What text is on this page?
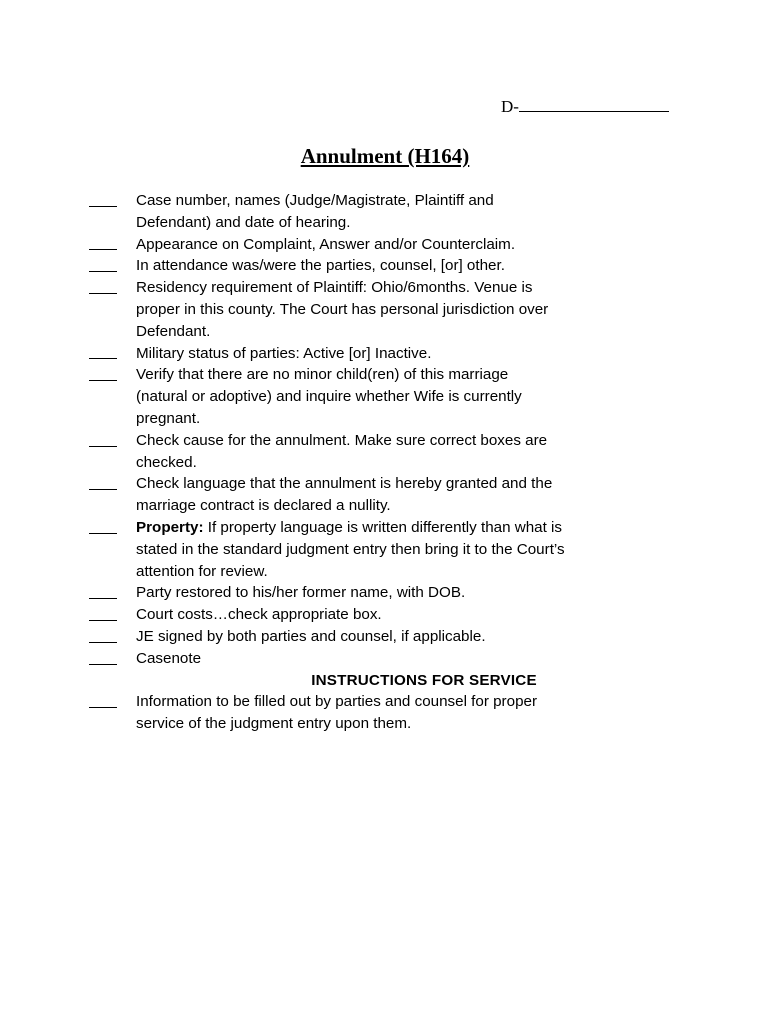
D-
Annulment (H164)
Case number, names (Judge/Magistrate, Plaintiff and
Defendant) and date of hearing.
Appearance on Complaint, Answer and/or Counterclaim.
In attendance was/were the parties, counsel, [or] other.
Residency requirement of Plaintiff: Ohio/6months. Venue is
proper in this county. The Court has personal jurisdiction over
Defendant.
Military status of parties: Active [or] Inactive.
Verify that there are no minor child(ren) of this marriage
(natural or adoptive) and inquire whether Wife is currently
pregnant.
Check cause for the annulment. Make sure correct boxes are
checked.
Check language that the annulment is hereby granted and the
marriage contract is declared a nullity.
Property: If property language is written differently than what is
stated in the standard judgment entry then bring it to the Court’s
attention for review.
Party restored to his/her former name, with DOB.
Court costs…check appropriate box.
JE signed by both parties and counsel, if applicable.
Casenote
INSTRUCTIONS FOR SERVICE
Information to be filled out by parties and counsel for proper
service of the judgment entry upon them.
